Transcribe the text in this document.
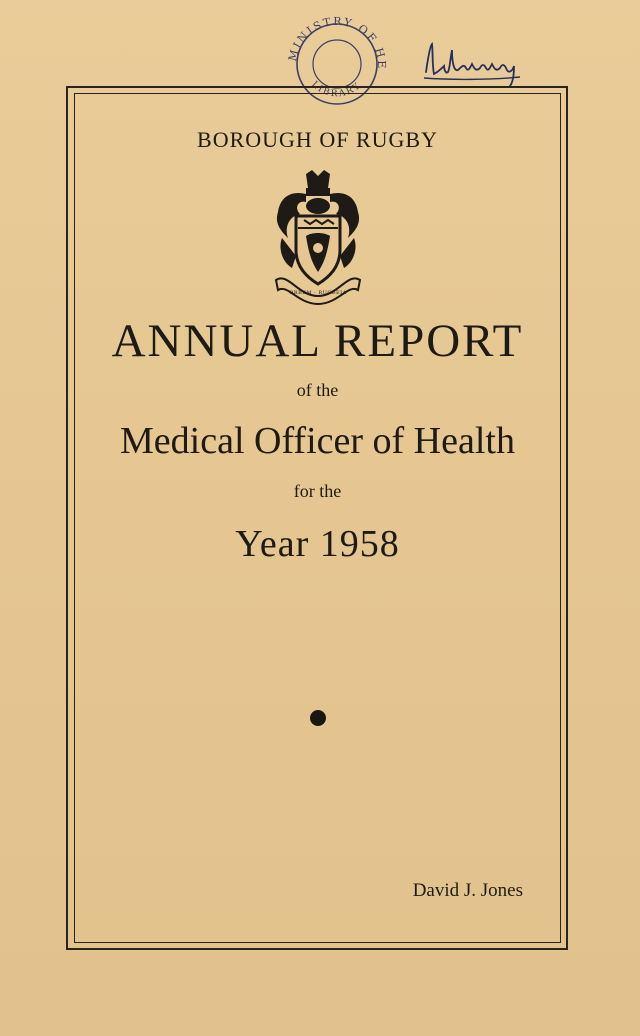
MINISTRY OF HE
LIBRARY
BOROUGH OF RUGBY
ORBEM · RUGBEIA
ANNUAL REPORT
of the
Medical Officer of Health
for the
Year 1958
David J. Jones
